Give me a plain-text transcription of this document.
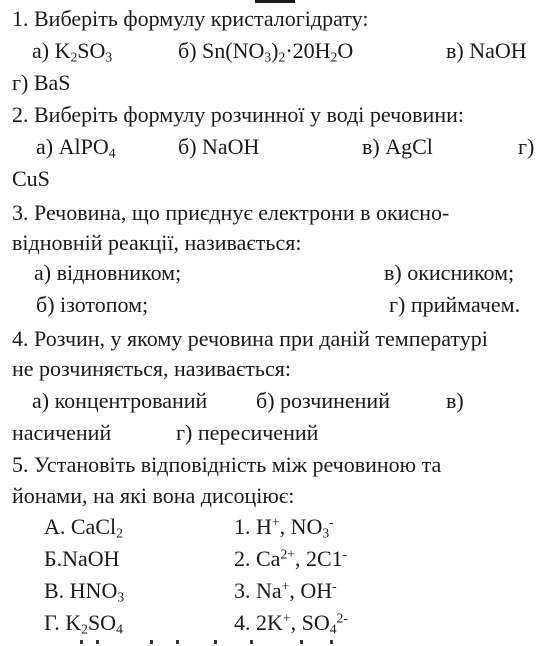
1. Виберіть формулу кристалогідрату:
а) $K_2SO_3$	б) $Sn(NO_3)_2\cdot 20H_2O$	в) NaOH
г) BaS
2. Виберіть формулу розчинної у воді речовини:
а) AlPO$_4$	б) NaOH	в) AgCl	г)
CuS
3. Речовина, що приєднує електрони в окисно-
відновній реакції, називається:
а) відновником;	в) окисником;
б) ізотопом;	г) приймачем.
4. Розчин, у якому речовина при даній температурі
не розчиняється, називається:
а) концентрований б) розчинений	в)
насичений	г) пересичений
5. Установіть відповідність між речовиною та
йонами, на які вона дисоціює:
А. CaCl$_2$	1. H+, $NO_3^-$
Б.NaOH	2. $Ca^{2+}$, 2C1-
В. $HNO_3$	3. Na+, OH-
Г. $K_2SO_4$	4. 2K+, $SO_4^{2-}$
